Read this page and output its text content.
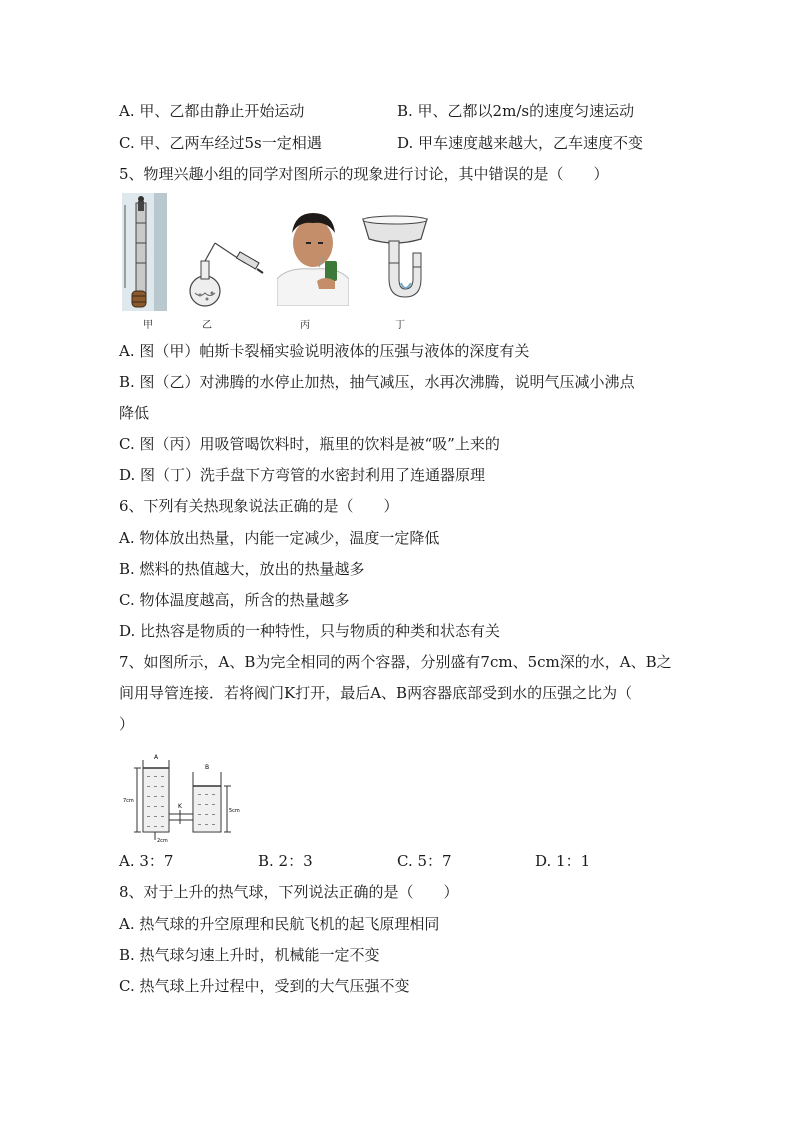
A. 甲、乙都由静止开始运动	B. 甲、乙都以2m/s的速度匀速运动
C. 甲、乙两车经过5s一定相遇	D. 甲车速度越来越大，乙车速度不变
5、物理兴趣小组的同学对图所示的现象进行讨论，其中错误的是（　　）
甲	乙	丙	丁
A. 图（甲）帕斯卡裂桶实验说明液体的压强与液体的深度有关
B. 图（乙）对沸腾的水停止加热，抽气减压，水再次沸腾，说明气压减小沸点
降低
C. 图（丙）用吸管喝饮料时，瓶里的饮料是被“吸”上来的
D. 图（丁）洗手盘下方弯管的水密封利用了连通器原理
6、下列有关热现象说法正确的是（　　）
A. 物体放出热量，内能一定减少，温度一定降低
B. 燃料的热值越大，放出的热量越多
C. 物体温度越高，所含的热量越多
D. 比热容是物质的一种特性，只与物质的种类和状态有关
7、如图所示，A、B为完全相同的两个容器，分别盛有7cm、5cm深的水，A、B之
间用导管连接．若将阀门K打开，最后A、B两容器底部受到水的压强之比为（
）
A
B
K
7cm
5cm
2cm
A. 3：7	B. 2：3	C. 5：7	D. 1：1
8、对于上升的热气球，下列说法正确的是（　　）
A. 热气球的升空原理和民航飞机的起飞原理相同
B. 热气球匀速上升时，机械能一定不变
C. 热气球上升过程中，受到的大气压强不变
